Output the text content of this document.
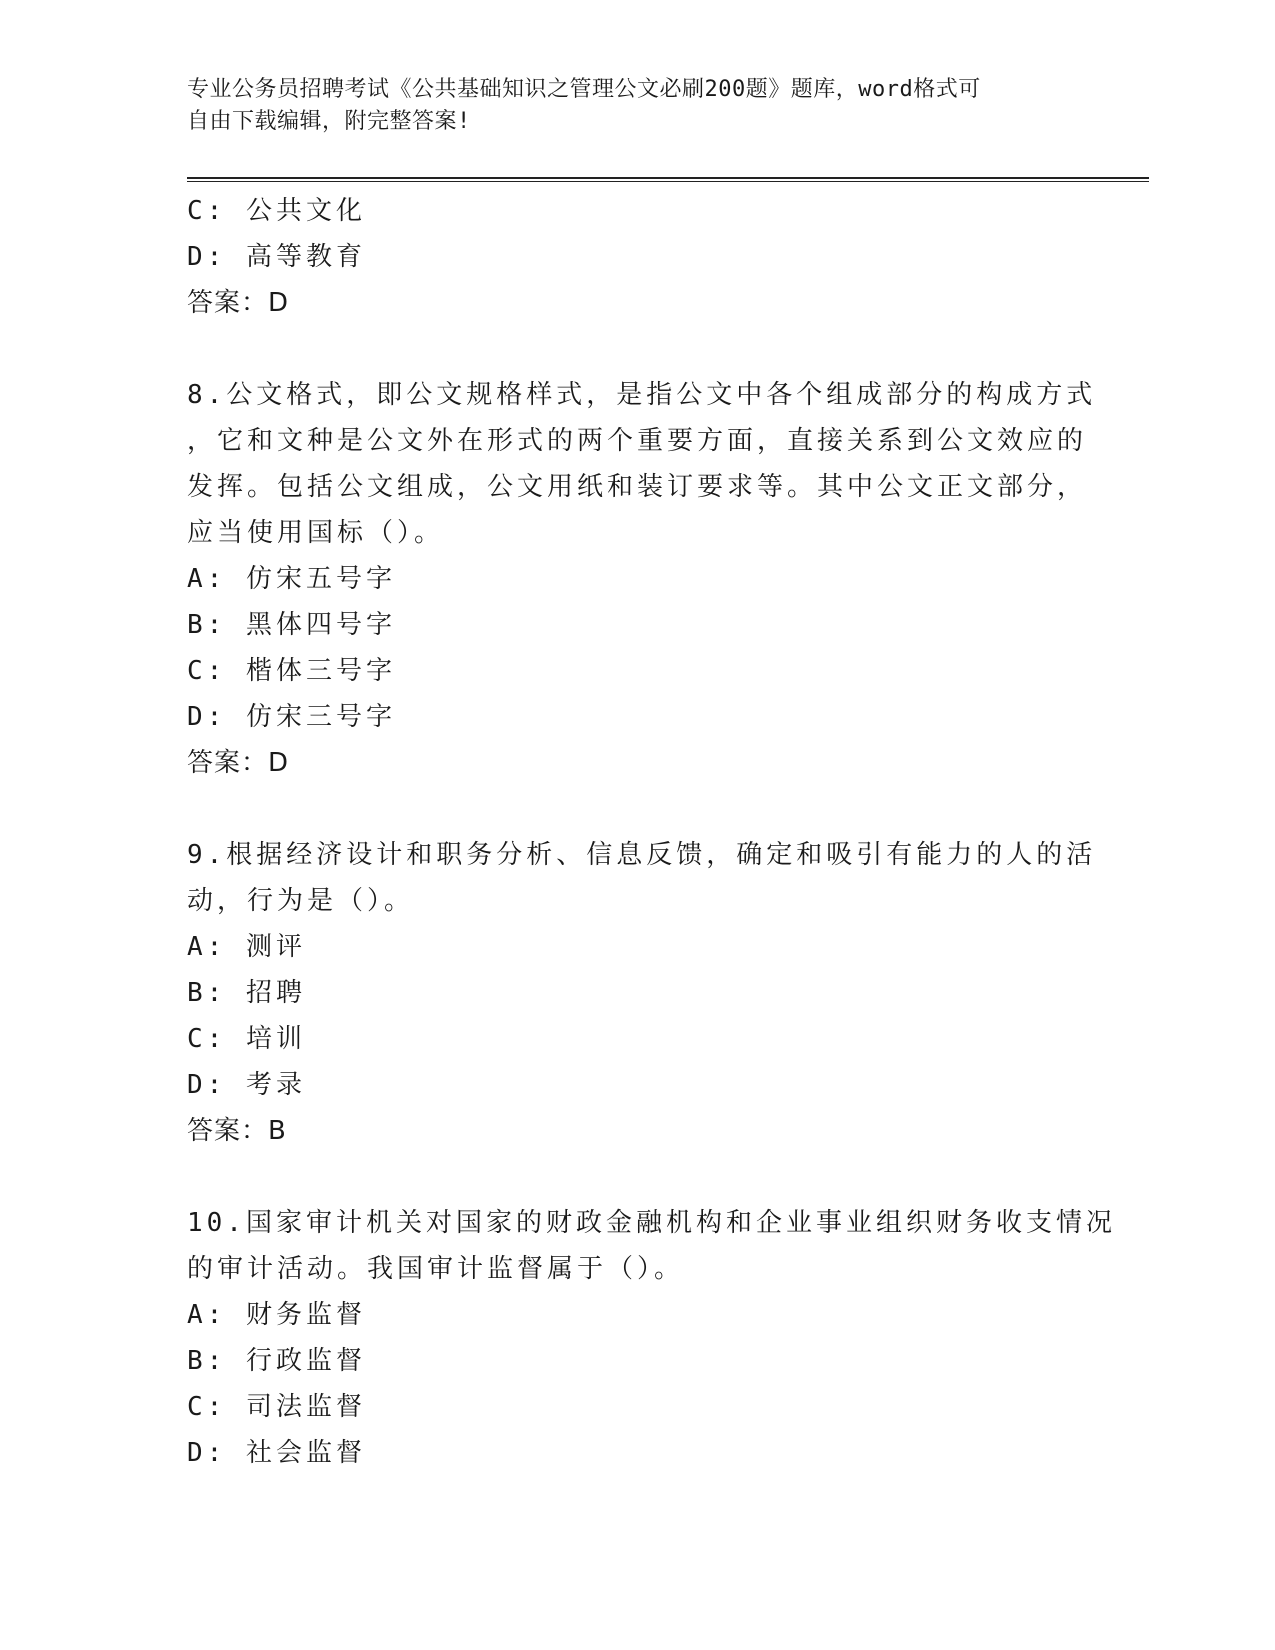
专业公务员招聘考试《公共基础知识之管理公文必刷200题》题库，word格式可
自由下载编辑，附完整答案!
C: 公共文化
D: 高等教育
答案：D
8.公文格式，即公文规格样式，是指公文中各个组成部分的构成方式
，它和文种是公文外在形式的两个重要方面，直接关系到公文效应的
发挥。包括公文组成，公文用纸和装订要求等。其中公文正文部分，
应当使用国标（）。
A: 仿宋五号字
B: 黑体四号字
C: 楷体三号字
D: 仿宋三号字
答案：D
9.根据经济设计和职务分析、信息反馈，确定和吸引有能力的人的活
动，行为是（）。
A: 测评
B: 招聘
C: 培训
D: 考录
答案：B
10.国家审计机关对国家的财政金融机构和企业事业组织财务收支情况
的审计活动。我国审计监督属于（）。
A: 财务监督
B: 行政监督
C: 司法监督
D: 社会监督
